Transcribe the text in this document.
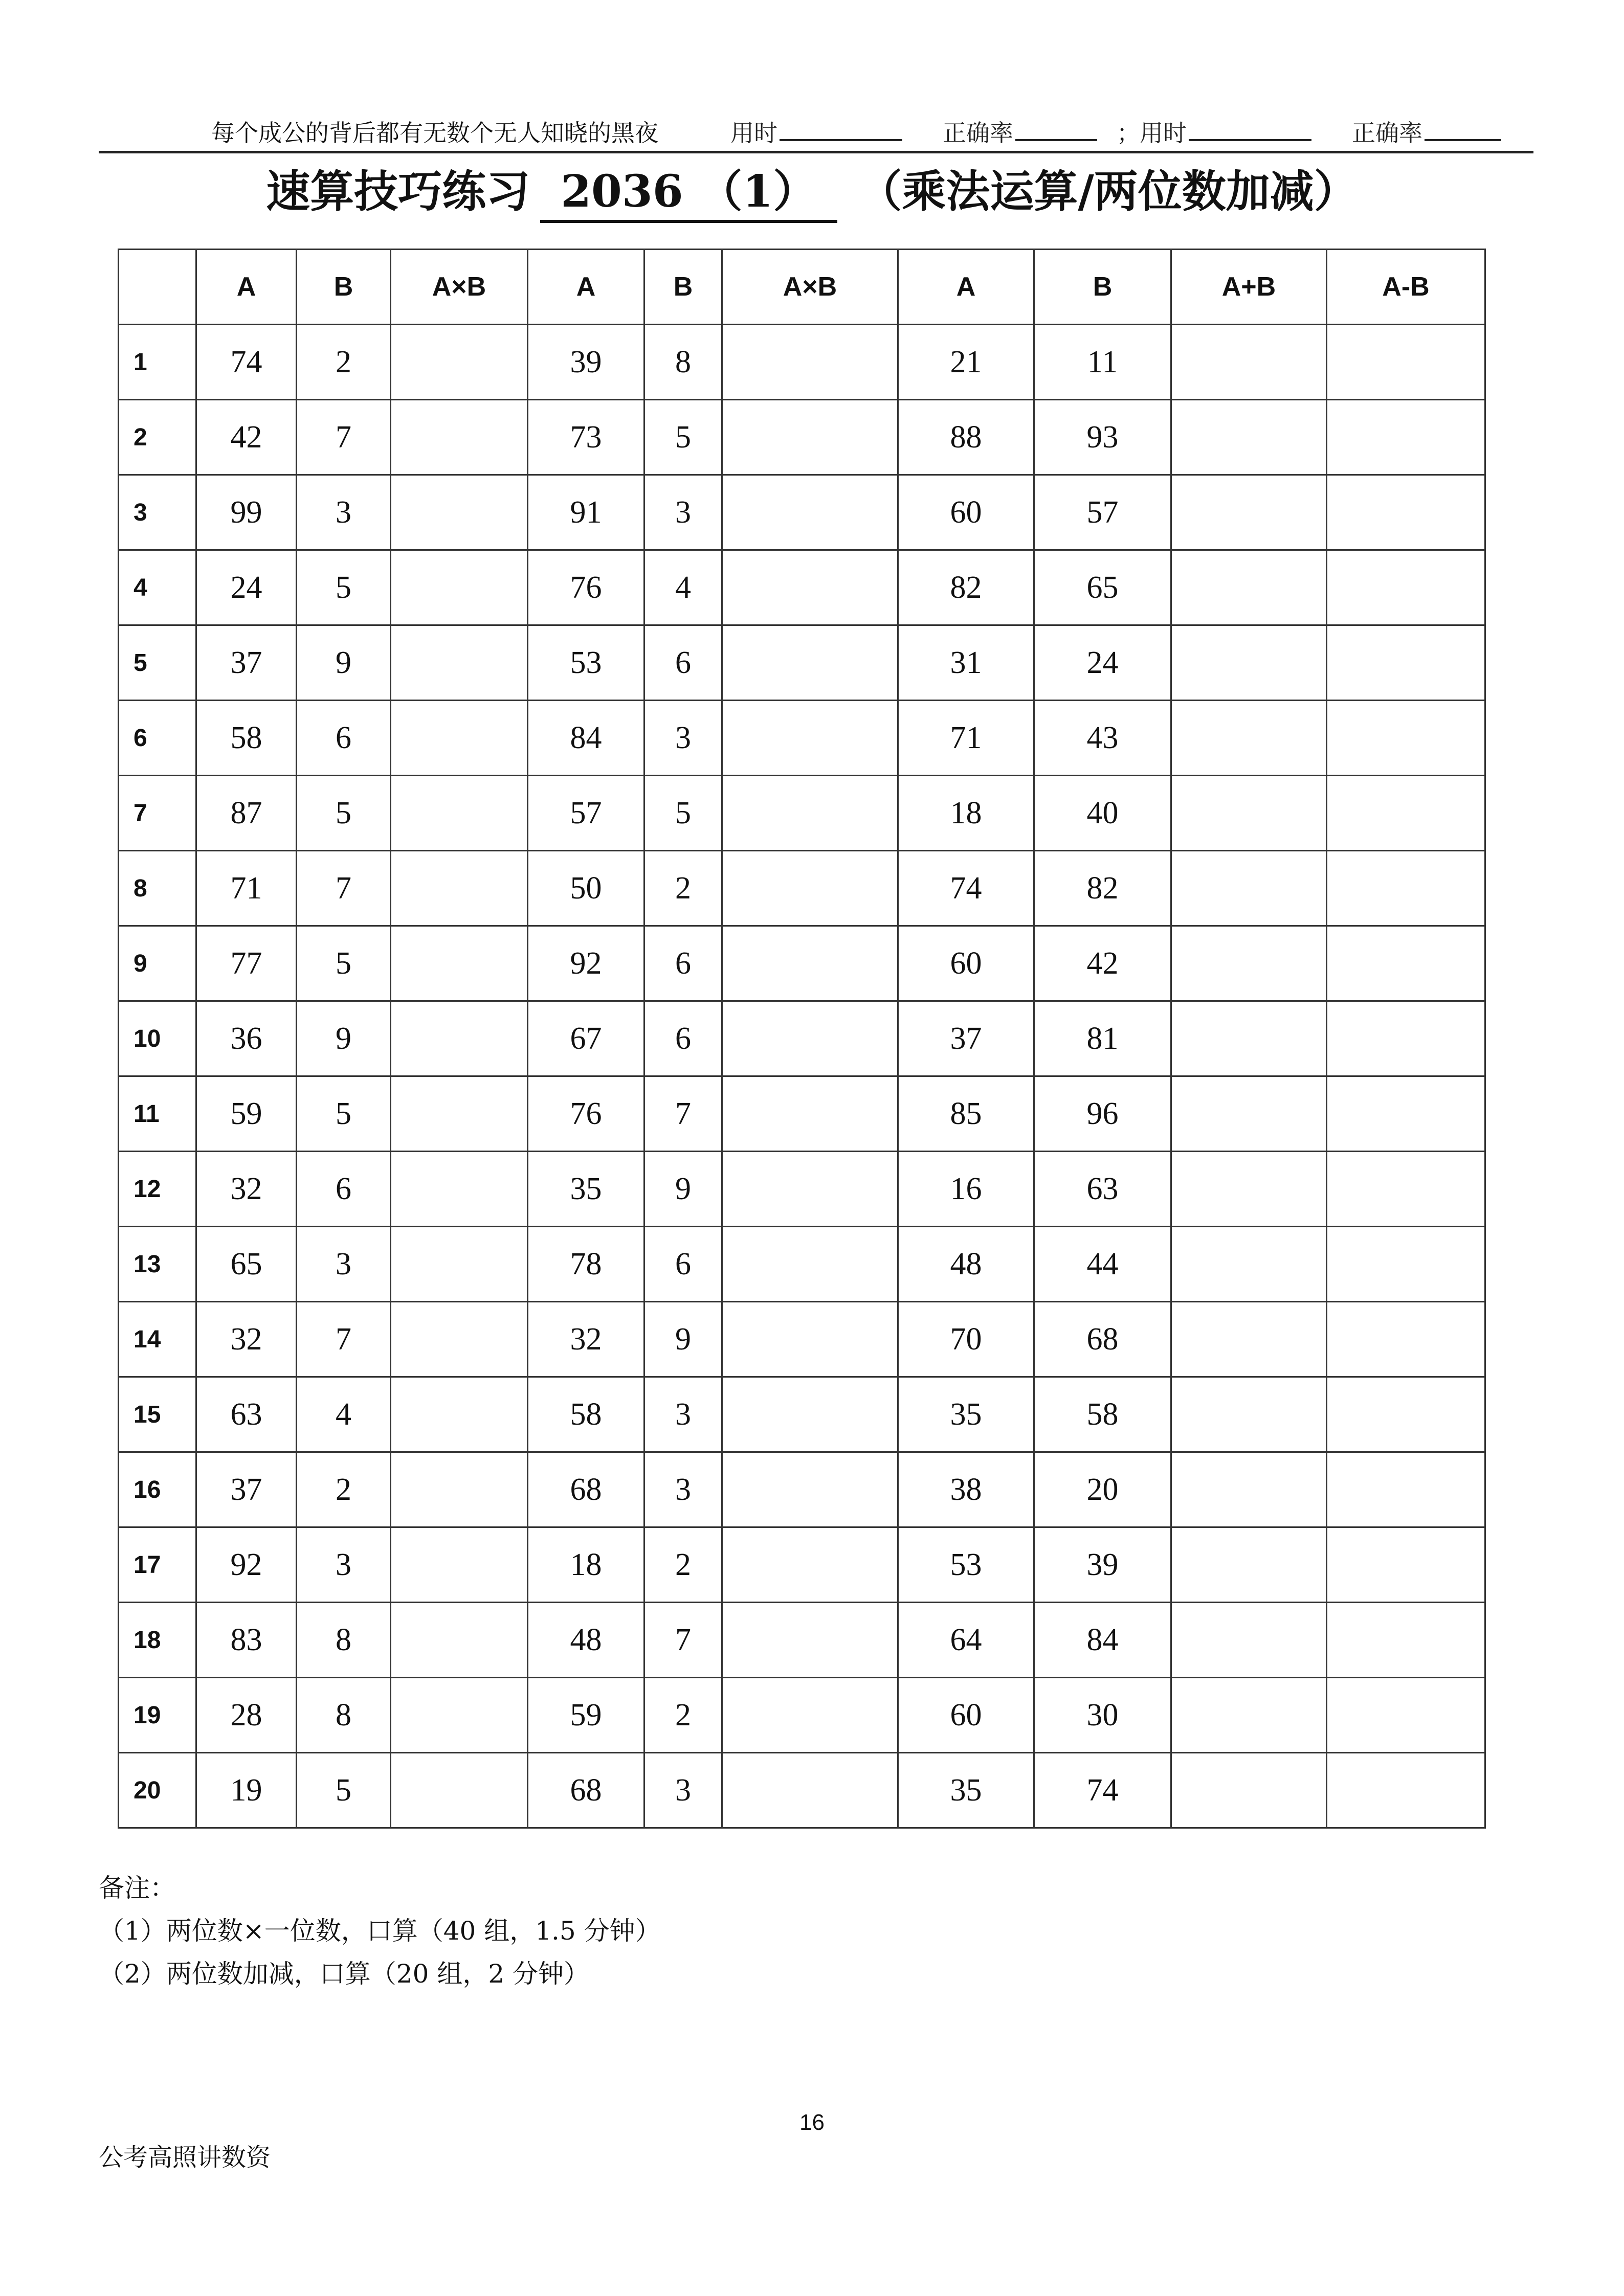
每个成公的背后都有无数个无人知晓的黑夜	用时	正确率	； 用时	正确率
速算技巧练习 2036 （1） （乘法运算/两位数加减）
	A	B	A×B	A	B	A×B	A	B	A+B	A-B
1	74	2		39	8		21	11		
2	42	7		73	5		88	93		
3	99	3		91	3		60	57		
4	24	5		76	4		82	65		
5	37	9		53	6		31	24		
6	58	6		84	3		71	43		
7	87	5		57	5		18	40		
8	71	7		50	2		74	82		
9	77	5		92	6		60	42		
10	36	9		67	6		37	81		
11	59	5		76	7		85	96		
12	32	6		35	9		16	63		
13	65	3		78	6		48	44		
14	32	7		32	9		70	68		
15	63	4		58	3		35	58		
16	37	2		68	3		38	20		
17	92	3		18	2		53	39		
18	83	8		48	7		64	84		
19	28	8		59	2		60	30		
20	19	5		68	3		35	74		
备注：
（1）两位数×一位数，口算（40 组，1.5 分钟）
（2）两位数加减，口算（20 组，2 分钟）
16
公考高照讲数资
